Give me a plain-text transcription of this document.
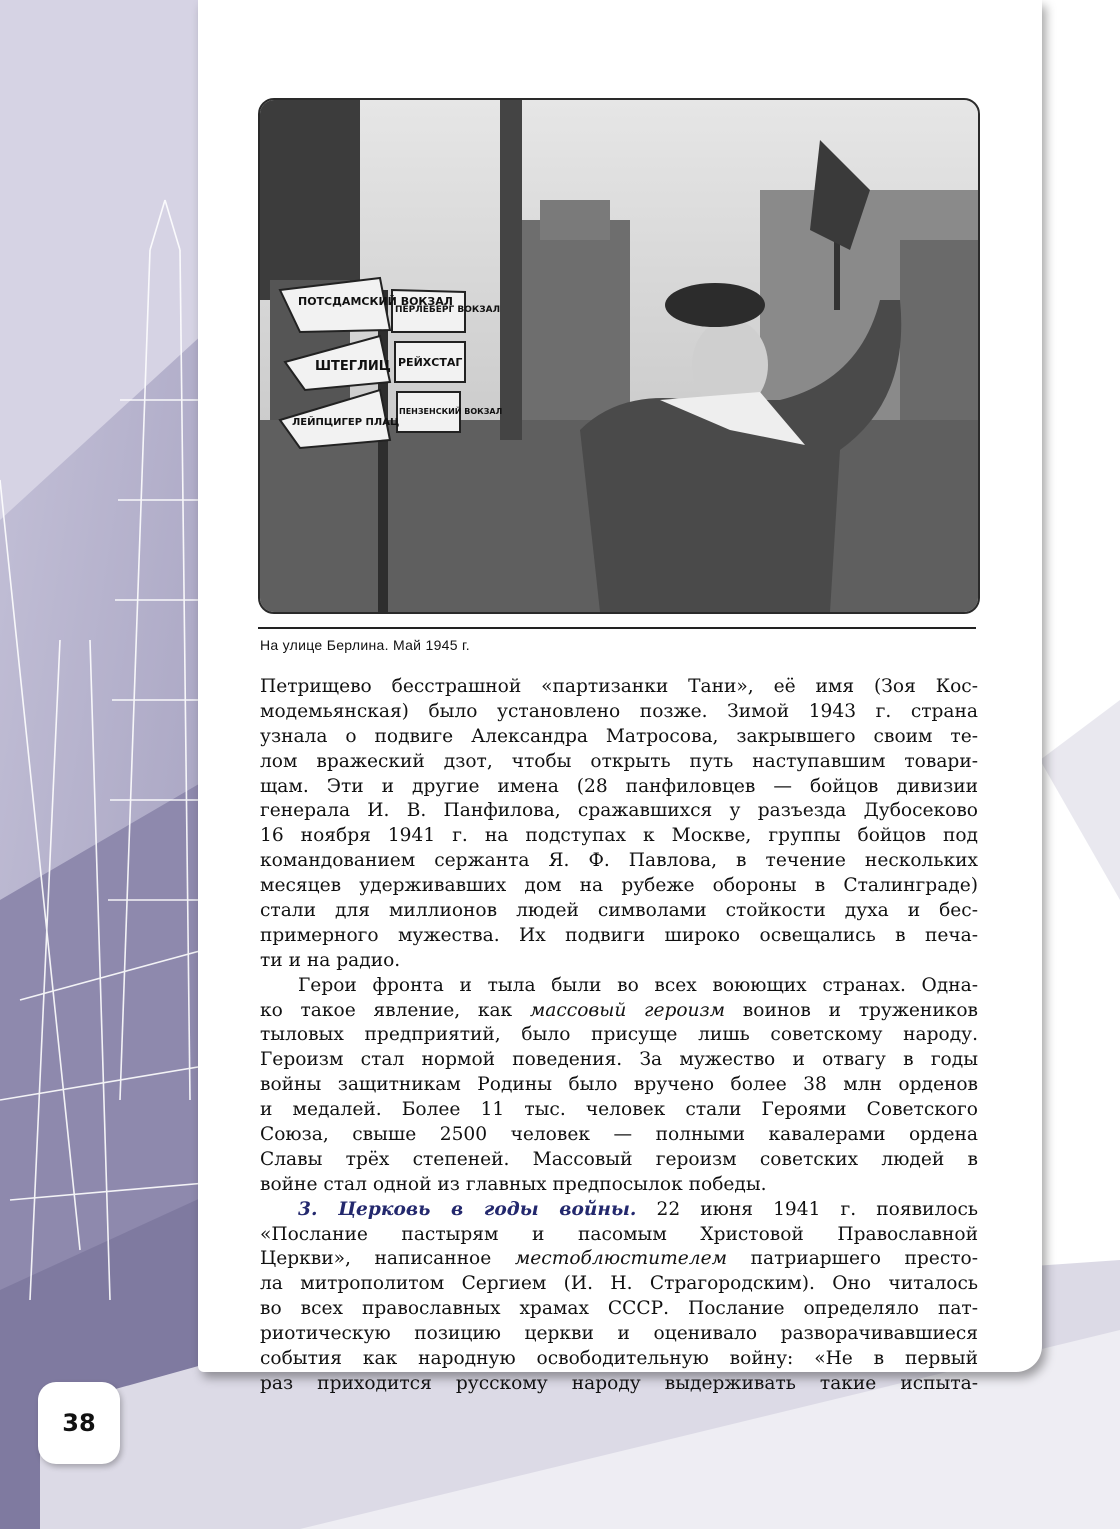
ПОТСДАМСКИЙ ВОКЗАЛ
ПЕРЛЕБЕРГ ВОКЗАЛ
ШТЕГЛИЦ РЕЙХСТАГ
ЛЕЙПЦИГЕР ПЛАЦ
ПЕНЗЕНСКИЙ ВОКЗАЛ
На улице Берлина. Май 1945 г.
Петрищево бесстрашной «партизанки Тани», её имя (Зоя Кос-
модемьянская) было установлено позже. Зимой 1943 г. страна
узнала о подвиге Александра Матросова, закрывшего своим те-
лом вражеский дзот, чтобы открыть путь наступавшим товари-
щам. Эти и другие имена (28 панфиловцев — бойцов дивизии
генерала И. В. Панфилова, сражавшихся у разъезда Дубосеково
16 ноября 1941 г. на подступах к Москве, группы бойцов под
командованием сержанта Я. Ф. Павлова, в течение нескольких
месяцев удерживавших дом на рубеже обороны в Сталинграде)
стали для миллионов людей символами стойкости духа и бес-
примерного мужества. Их подвиги широко освещались в печа-
ти и на радио.
Герои фронта и тыла были во всех воюющих странах. Одна-
ко такое явление, как массовый героизм воинов и тружеников
тыловых предприятий, было присуще лишь советскому народу.
Героизм стал нормой поведения. За мужество и отвагу в годы
войны защитникам Родины было вручено более 38 млн орденов
и медалей. Более 11 тыс. человек стали Героями Советского
Союза, свыше 2500 человек — полными кавалерами ордена
Славы трёх степеней. Массовый героизм советских людей в
войне стал одной из главных предпосылок победы.
3. Церковь в годы войны. 22 июня 1941 г. появилось
«Послание пастырям и пасомым Христовой Православной
Церкви», написанное местоблюстителем патриаршего престо-
ла митрополитом Сергием (И. Н. Страгородским). Оно читалось
во всех православных храмах СССР. Послание определяло пат-
риотическую позицию церкви и оценивало разворачивавшиеся
события как народную освободительную войну: «Не в первый
раз приходится русскому народу выдерживать такие испыта-
38
